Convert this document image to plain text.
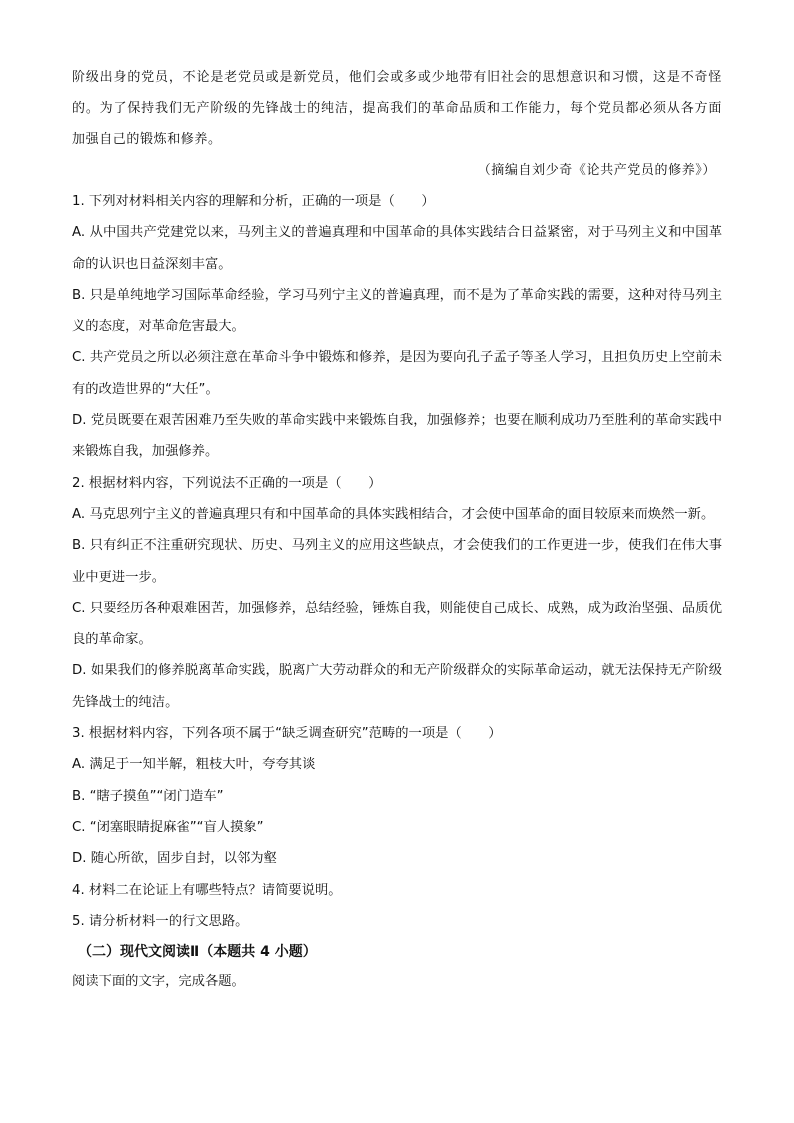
阶级出身的党员，不论是老党员或是新党员，他们会或多或少地带有旧社会的思想意识和习惯，这是不奇怪的。为了保持我们无产阶级的先锋战士的纯洁，提高我们的革命品质和工作能力，每个党员都必须从各方面加强自己的锻炼和修养。

（摘编自刘少奇《论共产党员的修养》）

1. 下列对材料相关内容的理解和分析，正确的一项是（　　）

A. 从中国共产党建党以来，马列主义的普遍真理和中国革命的具体实践结合日益紧密，对于马列主义和中国革命的认识也日益深刻丰富。

B. 只是单纯地学习国际革命经验，学习马列宁主义的普遍真理，而不是为了革命实践的需要，这种对待马列主义的态度，对革命危害最大。

C. 共产党员之所以必须注意在革命斗争中锻炼和修养，是因为要向孔子孟子等圣人学习，且担负历史上空前未有的改造世界的“大任”。

D. 党员既要在艰苦困难乃至失败的革命实践中来锻炼自我，加强修养；也要在顺利成功乃至胜利的革命实践中来锻炼自我，加强修养。

2. 根据材料内容，下列说法不正确的一项是（　　）

A. 马克思列宁主义的普遍真理只有和中国革命的具体实践相结合，才会使中国革命的面目较原来而焕然一新。

B. 只有纠正不注重研究现状、历史、马列主义的应用这些缺点，才会使我们的工作更进一步，使我们在伟大事业中更进一步。

C. 只要经历各种艰难困苦，加强修养，总结经验，锤炼自我，则能使自己成长、成熟，成为政治坚强、品质优良的革命家。

D. 如果我们的修养脱离革命实践，脱离广大劳动群众的和无产阶级群众的实际革命运动，就无法保持无产阶级先锋战士的纯洁。

3. 根据材料内容，下列各项不属于“缺乏调查研究”范畴的一项是（　　）

A. 满足于一知半解，粗枝大叶，夸夸其谈

B. “瞎子摸鱼”“闭门造车”

C. “闭塞眼睛捉麻雀”“盲人摸象”

D. 随心所欲，固步自封，以邻为壑

4. 材料二在论证上有哪些特点？请简要说明。

5. 请分析材料一的行文思路。

（二）现代文阅读Ⅱ（本题共 4 小题）
阅读下面的文字，完成各题。
